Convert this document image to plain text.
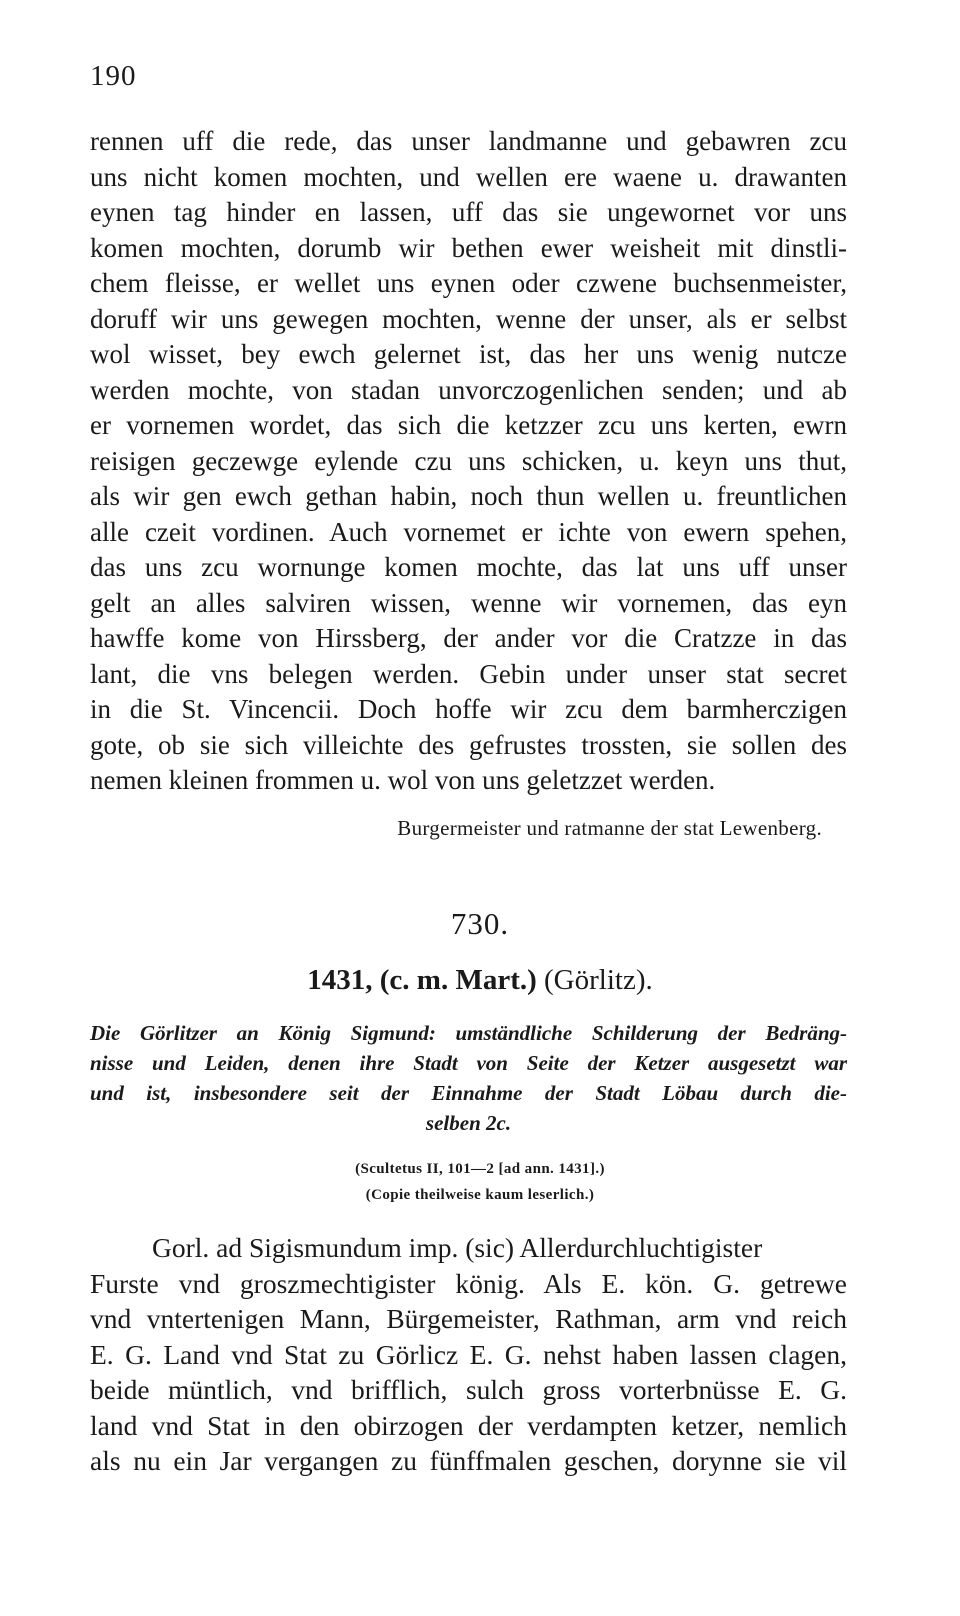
190
rennen uff die rede, das unser landmanne und gebawren zcu
uns nicht komen mochten, und wellen ere waene u. drawanten
eynen tag hinder en lassen, uff das sie ungewornet vor uns
komen mochten, dorumb wir bethen ewer weisheit mit dinstli-
chem fleisse, er wellet uns eynen oder czwene buchsenmeister,
doruff wir uns gewegen mochten, wenne der unser, als er selbst
wol wisset, bey ewch gelernet ist, das her uns wenig nutcze
werden mochte, von stadan unvorczogenlichen senden; und ab
er vornemen wordet, das sich die ketzzer zcu uns kerten, ewrn
reisigen geczewge eylende czu uns schicken, u. keyn uns thut,
als wir gen ewch gethan habin, noch thun wellen u. freuntlichen
alle czeit vordinen. Auch vornemet er ichte von ewern spehen,
das uns zcu wornunge komen mochte, das lat uns uff unser
gelt an alles salviren wissen, wenne wir vornemen, das eyn
hawffe kome von Hirssberg, der ander vor die Cratzze in das
lant, die vns belegen werden. Gebin under unser stat secret
in die St. Vincencii. Doch hoffe wir zcu dem barmherczigen
gote, ob sie sich villeichte des gefrustes trossten, sie sollen des
nemen kleinen frommen u. wol von uns geletzzet werden.
Burgermeister und ratmanne der stat Lewenberg.
730.
1431, (c. m. Mart.) (Görlitz).
Die Görlitzer an König Sigmund: umständliche Schilderung der Bedräng-
nisse und Leiden, denen ihre Stadt von Seite der Ketzer ausgesetzt war
und ist, insbesondere seit der Einnahme der Stadt Löbau durch die-
selben 2c.
(Scultetus II, 101—2 [ad ann. 1431].)
(Copie theilweise kaum leserlich.)
Gorl. ad Sigismundum imp. (sic) Allerdurchluchtigister
Furste vnd groszmechtigister könig. Als E. kön. G. getrewe
vnd vntertenigen Mann, Bürgemeister, Rathman, arm vnd reich
E. G. Land vnd Stat zu Görlicz E. G. nehst haben lassen clagen,
beide müntlich, vnd brifflich, sulch gross vorterbnüsse E. G.
land vnd Stat in den obirzogen der verdampten ketzer, nemlich
als nu ein Jar vergangen zu fünffmalen geschen, dorynne sie vil
